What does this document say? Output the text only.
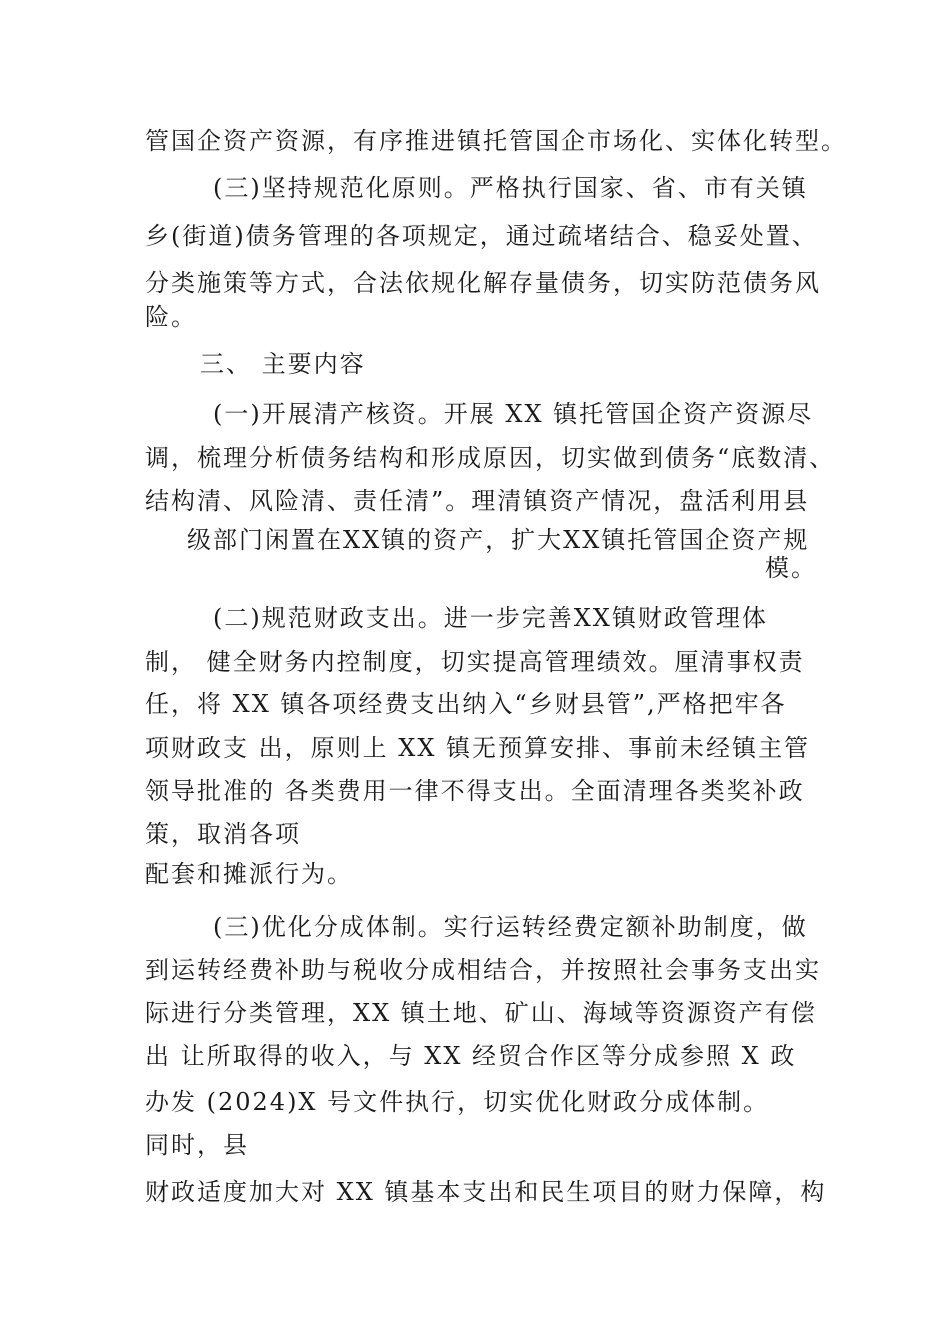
管国企资产资源，有序推进镇托管国企市场化、实体化转型。
(三)坚持规范化原则。严格执行国家、省、市有关镇
乡(街道)债务管理的各项规定，通过疏堵结合、稳妥处置、
分类施策等方式，合法依规化解存量债务，切实防范债务风
险。
三、 主要内容
(一)开展清产核资。开展 XX 镇托管国企资产资源尽
调，梳理分析债务结构和形成原因，切实做到债务“底数清、
结构清、风险清、责任清”。理清镇资产情况，盘活利用县
级部门闲置在XX镇的资产，扩大XX镇托管国企资产规
模。
(二)规范财政支出。进一步完善XX镇财政管理体
制， 健全财务内控制度，切实提高管理绩效。厘清事权责
任，将 XX 镇各项经费支出纳入“乡财县管”,严格把牢各
项财政支 出，原则上 XX 镇无预算安排、事前未经镇主管
领导批准的 各类费用一律不得支出。全面清理各类奖补政
策，取消各项
配套和摊派行为。
(三)优化分成体制。实行运转经费定额补助制度，做
到运转经费补助与税收分成相结合，并按照社会事务支出实
际进行分类管理，XX 镇土地、矿山、海域等资源资产有偿
出 让所取得的收入，与 XX 经贸合作区等分成参照 X 政
办发 (2024)X 号文件执行，切实优化财政分成体制。
同时，县
财政适度加大对 XX 镇基本支出和民生项目的财力保障，构
